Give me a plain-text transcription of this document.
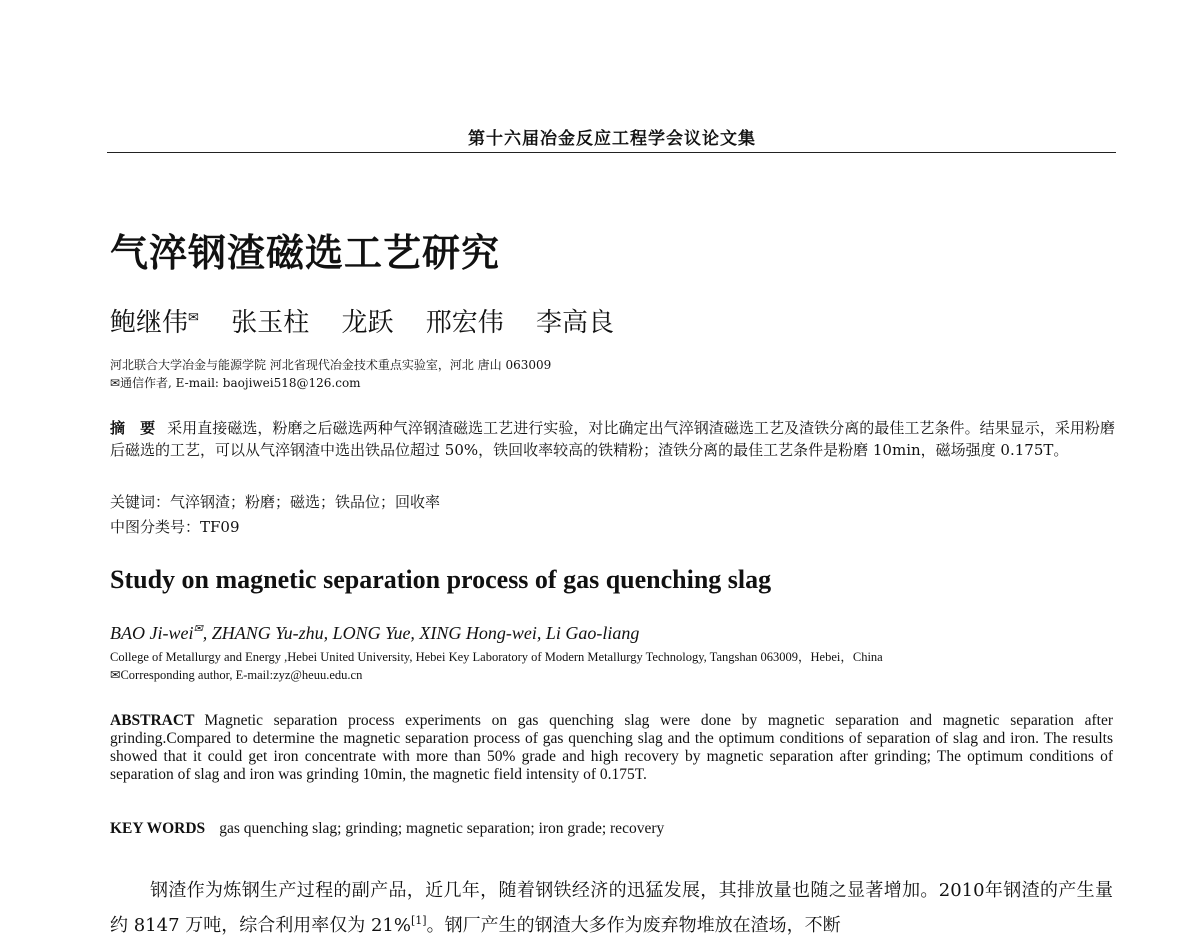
第十六届冶金反应工程学会议论文集
气淬钢渣磁选工艺研究
鲍继伟✉ 张玉柱 龙跃 邢宏伟 李高良
河北联合大学冶金与能源学院 河北省现代冶金技术重点实验室，河北 唐山 063009
✉通信作者, E-mail: baojiwei518@126.com
摘　要 采用直接磁选，粉磨之后磁选两种气淬钢渣磁选工艺进行实验，对比确定出气淬钢渣磁选工艺及渣铁分离的最佳工艺条件。结果显示，采用粉磨后磁选的工艺，可以从气淬钢渣中选出铁品位超过 50%，铁回收率较高的铁精粉；渣铁分离的最佳工艺条件是粉磨 10min，磁场强度 0.175T。
关键词：气淬钢渣；粉磨；磁选；铁品位；回收率
中图分类号：TF09
Study on magnetic separation process of gas quenching slag
BAO Ji-wei✉, ZHANG Yu-zhu, LONG Yue, XING Hong-wei, Li Gao-liang
College of Metallurgy and Energy ,Hebei United University, Hebei Key Laboratory of Modern Metallurgy Technology, Tangshan 063009，Hebei，China
✉Corresponding author, E-mail:zyz@heuu.edu.cn
ABSTRACT Magnetic separation process experiments on gas quenching slag were done by magnetic separation and magnetic separation after grinding.Compared to determine the magnetic separation process of gas quenching slag and the optimum conditions of separation of slag and iron. The results showed that it could get iron concentrate with more than 50% grade and high recovery by magnetic separation after grinding; The optimum conditions of separation of slag and iron was grinding 10min, the magnetic field intensity of 0.175T.
KEY WORDS gas quenching slag; grinding; magnetic separation; iron grade; recovery
钢渣作为炼钢生产过程的副产品，近几年，随着钢铁经济的迅猛发展，其排放量也随之显著增加。2010年钢渣的产生量约 8147 万吨，综合利用率仅为 21%[1]。钢厂产生的钢渣大多作为废弃物堆放在渣场，不断
